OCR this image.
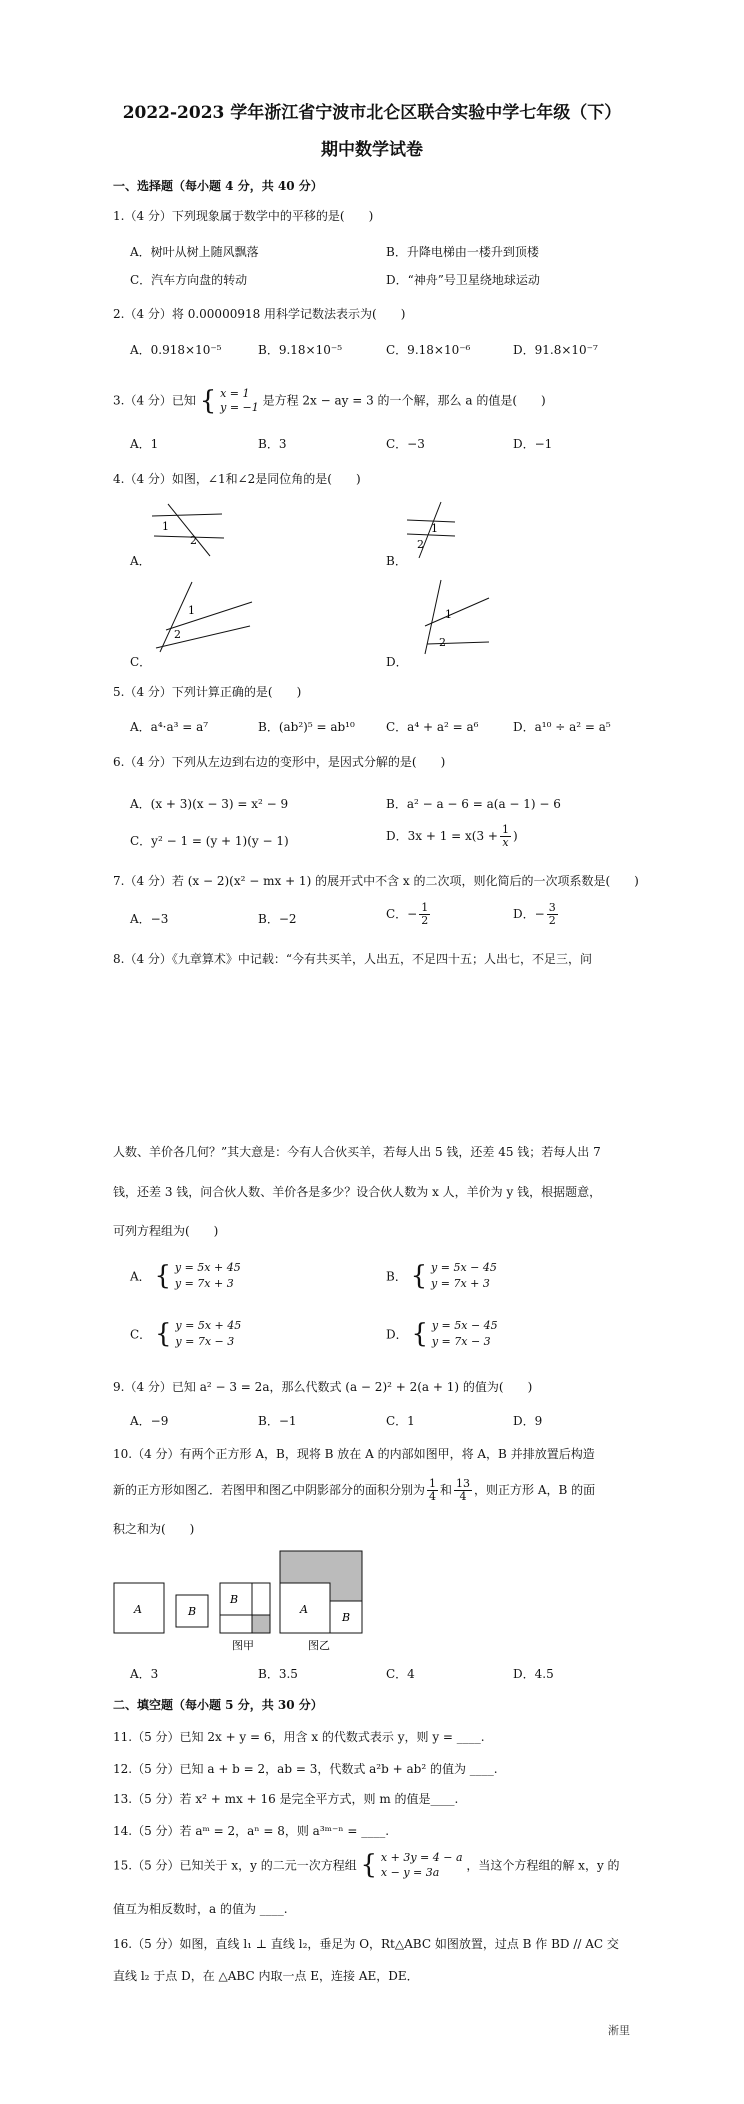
2022-2023 学年浙江省宁波市北仑区联合实验中学七年级（下）
期中数学试卷
一、选择题（每小题 4 分，共 40 分）
1.（4 分）下列现象属于数学中的平移的是(　　)
A．树叶从树上随风飘落	B．升降电梯由一楼升到顶楼
C．汽车方向盘的转动	D．“神舟”号卫星绕地球运动
2.（4 分）将 0.00000918 用科学记数法表示为(　　)
A．0.918×10⁻⁵	B．9.18×10⁻⁵	C．9.18×10⁻⁶	D．91.8×10⁻⁷
3.（4 分）已知 { x = 1
y = −1 是方程 2x − ay = 3 的一个解，那么 a 的值是(　　)
A．1	B．3	C．−3	D．−1
4.（4 分）如图，∠1和∠2是同位角的是(　　)
A．
1
2
B．
1
2
C．
1
2
D．
1
2
5.（4 分）下列计算正确的是(　　)
A．a⁴·a³ = a⁷	B．(ab²)⁵ = ab¹⁰	C．a⁴ + a² = a⁶	D．a¹⁰ ÷ a² = a⁵
6.（4 分）下列从左边到右边的变形中，是因式分解的是(　　)
A．(x + 3)(x − 3) = x² − 9	B．a² − a − 6 = a(a − 1) − 6
C．y² − 1 = (y + 1)(y − 1)	D．$3x + 1 = x(3 + \frac{1}{x}$ )
7.（4 分）若 (x − 2)(x² − mx + 1) 的展开式中不含 x 的二次项，则化简后的一次项系数是(　　)
A．−3	B．−2	C．− $\frac{1}{2}$	D．− $\frac{3}{2}$
8.（4 分）《九章算术》中记载：“今有共买羊，人出五，不足四十五；人出七，不足三，问
人数、羊价各几何？”其大意是：今有人合伙买羊，若每人出 5 钱，还差 45 钱；若每人出 7
钱，还差 3 钱，问合伙人数、羊价各是多少？设合伙人数为 x 人，羊价为 y 钱，根据题意，
可列方程组为(　　)
A． { y = 5x + 45
y = 7x + 3	B． { y = 5x − 45
y = 7x + 3
C． { y = 5x + 45
y = 7x − 3	D． { y = 5x − 45
y = 7x − 3
9.（4 分）已知 a² − 3 = 2a，那么代数式 (a − 2)² + 2(a + 1) 的值为(　　)
A．−9	B．−1	C．1	D．9
10.（4 分）有两个正方形 A，B，现将 B 放在 A 的内部如图甲，将 A，B 并排放置后构造
新的正方形如图乙．若图甲和图乙中阴影部分的面积分别为 $\frac{1}{4}$ 和 $\frac{13}{4}$ ，则正方形 A，B 的面
积之和为(　　)
A	B
B
图甲
A
B
图乙
A．3	B．3.5	C．4	D．4.5
二、填空题（每小题 5 分，共 30 分）
11.（5 分）已知 2x + y = 6，用含 x 的代数式表示 y，则 y = ____.
12.（5 分）已知 a + b = 2，ab = 3，代数式 a²b + ab² 的值为 ____.
13.（5 分）若 x² + mx + 16 是完全平方式，则 m 的值是____.
14.（5 分）若 aᵐ = 2，aⁿ = 8，则 a³ᵐ⁻ⁿ = ____.
15.（5 分）已知关于 x，y 的二元一次方程组 { x + 3y = 4 − a
x − y = 3a	，当这个方程组的解 x，y 的
值互为相反数时，a 的值为 ____.
16.（5 分）如图，直线 l₁ ⊥ 直线 l₂，垂足为 O，Rt△ABC 如图放置，过点 B 作 BD // AC 交
直线 l₂ 于点 D，在 △ABC 内取一点 E，连接 AE，DE．
淅里
